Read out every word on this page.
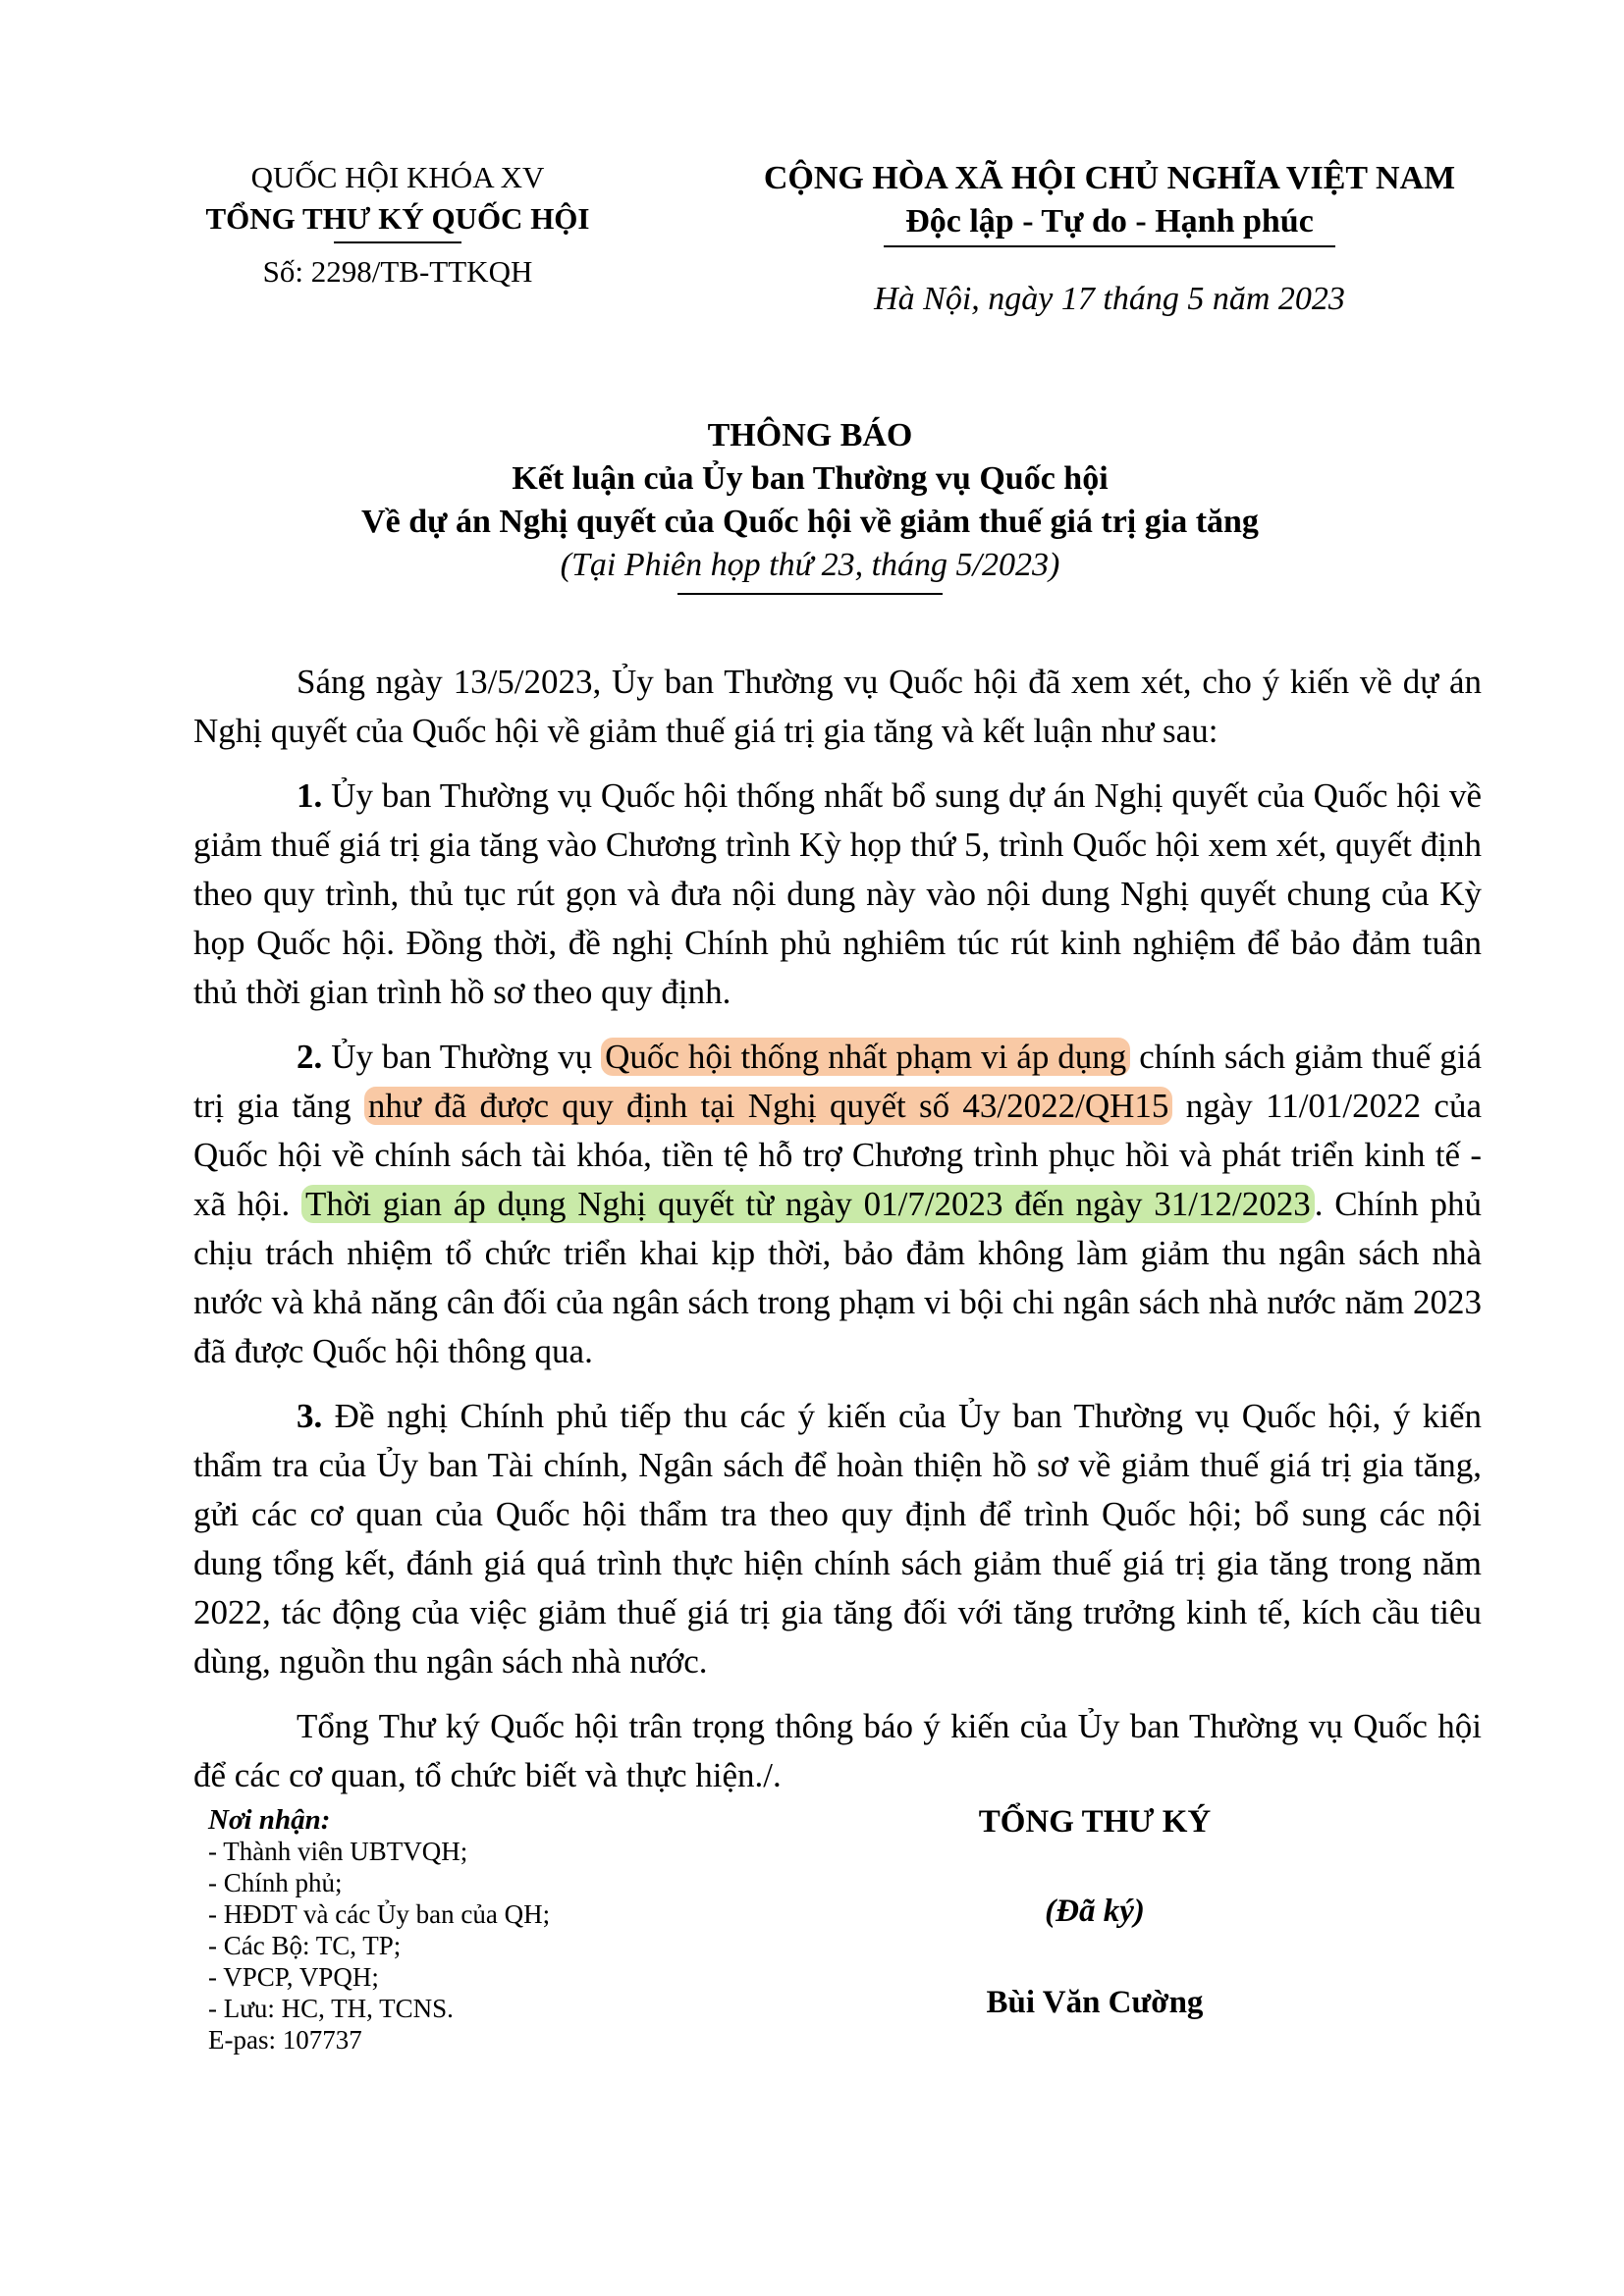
QUỐC HỘI KHÓA XV
TỔNG THƯ KÝ QUỐC HỘI
Số: 2298/TB-TTKQH
CỘNG HÒA XÃ HỘI CHỦ NGHĨA VIỆT NAM
Độc lập - Tự do - Hạnh phúc
Hà Nội, ngày 17 tháng 5 năm 2023
THÔNG BÁO
Kết luận của Ủy ban Thường vụ Quốc hội
Về dự án Nghị quyết của Quốc hội về giảm thuế giá trị gia tăng
(Tại Phiên họp thứ 23, tháng 5/2023)

Sáng ngày 13/5/2023, Ủy ban Thường vụ Quốc hội đã xem xét, cho ý kiến về dự án Nghị quyết của Quốc hội về giảm thuế giá trị gia tăng và kết luận như sau:

1. Ủy ban Thường vụ Quốc hội thống nhất bổ sung dự án Nghị quyết của Quốc hội về giảm thuế giá trị gia tăng vào Chương trình Kỳ họp thứ 5, trình Quốc hội xem xét, quyết định theo quy trình, thủ tục rút gọn và đưa nội dung này vào nội dung Nghị quyết chung của Kỳ họp Quốc hội. Đồng thời, đề nghị Chính phủ nghiêm túc rút kinh nghiệm để bảo đảm tuân thủ thời gian trình hồ sơ theo quy định.

2. Ủy ban Thường vụ Quốc hội thống nhất phạm vi áp dụng chính sách giảm thuế giá trị gia tăng như đã được quy định tại Nghị quyết số 43/2022/QH15 ngày 11/01/2022 của Quốc hội về chính sách tài khóa, tiền tệ hỗ trợ Chương trình phục hồi và phát triển kinh tế - xã hội. Thời gian áp dụng Nghị quyết từ ngày 01/7/2023 đến ngày 31/12/2023 . Chính phủ chịu trách nhiệm tổ chức triển khai kịp thời, bảo đảm không làm giảm thu ngân sách nhà nước và khả năng cân đối của ngân sách trong phạm vi bội chi ngân sách nhà nước năm 2023 đã được Quốc hội thông qua.

3. Đề nghị Chính phủ tiếp thu các ý kiến của Ủy ban Thường vụ Quốc hội, ý kiến thẩm tra của Ủy ban Tài chính, Ngân sách để hoàn thiện hồ sơ về giảm thuế giá trị gia tăng, gửi các cơ quan của Quốc hội thẩm tra theo quy định để trình Quốc hội; bổ sung các nội dung tổng kết, đánh giá quá trình thực hiện chính sách giảm thuế giá trị gia tăng trong năm 2022, tác động của việc giảm thuế giá trị gia tăng đối với tăng trưởng kinh tế, kích cầu tiêu dùng, nguồn thu ngân sách nhà nước.

Tổng Thư ký Quốc hội trân trọng thông báo ý kiến của Ủy ban Thường vụ Quốc hội để các cơ quan, tổ chức biết và thực hiện./.

Nơi nhận:
- Thành viên UBTVQH;
- Chính phủ;
- HĐDT và các Ủy ban của QH;
- Các Bộ: TC, TP;
- VPCP, VPQH;
- Lưu: HC, TH, TCNS.
E-pas: 107737
TỔNG THƯ KÝ
(Đã ký)
Bùi Văn Cường
